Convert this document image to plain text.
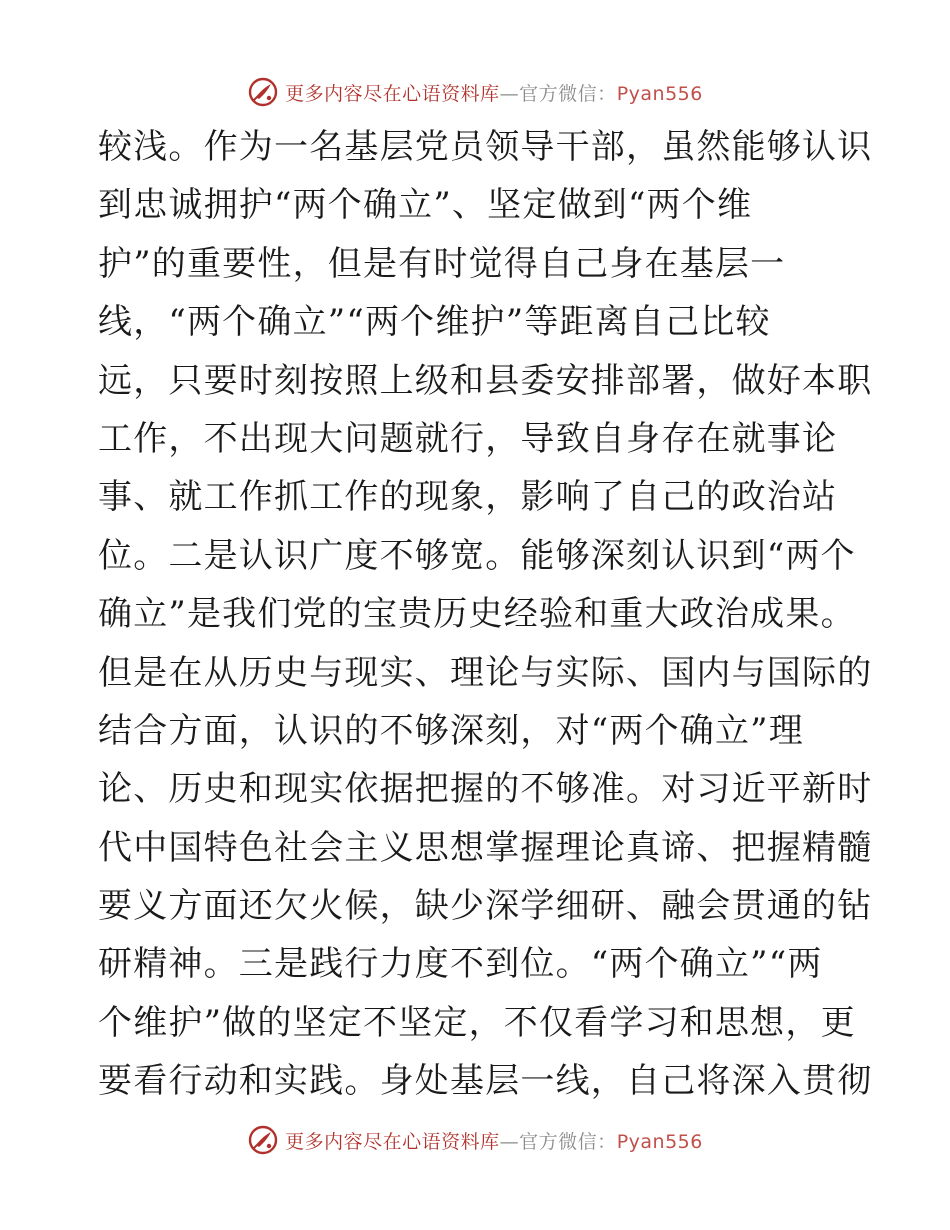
更多内容尽在心语资料库—官方微信：Pyan556
较浅。作为一名基层党员领导干部，虽然能够认识
到忠诚拥护“两个确立”、坚定做到“两个维
护”的重要性，但是有时觉得自己身在基层一
线，“两个确立”“两个维护”等距离自己比较
远，只要时刻按照上级和县委安排部署，做好本职
工作，不出现大问题就行，导致自身存在就事论
事、就工作抓工作的现象，影响了自己的政治站
位。二是认识广度不够宽。能够深刻认识到“两个
确立”是我们党的宝贵历史经验和重大政治成果。
但是在从历史与现实、理论与实际、国内与国际的
结合方面，认识的不够深刻，对“两个确立”理
论、历史和现实依据把握的不够准。对习近平新时
代中国特色社会主义思想掌握理论真谛、把握精髓
要义方面还欠火候，缺少深学细研、融会贯通的钻
研精神。三是践行力度不到位。“两个确立”“两
个维护”做的坚定不坚定，不仅看学习和思想，更
要看行动和实践。身处基层一线，自己将深入贯彻
更多内容尽在心语资料库—官方微信：Pyan556
